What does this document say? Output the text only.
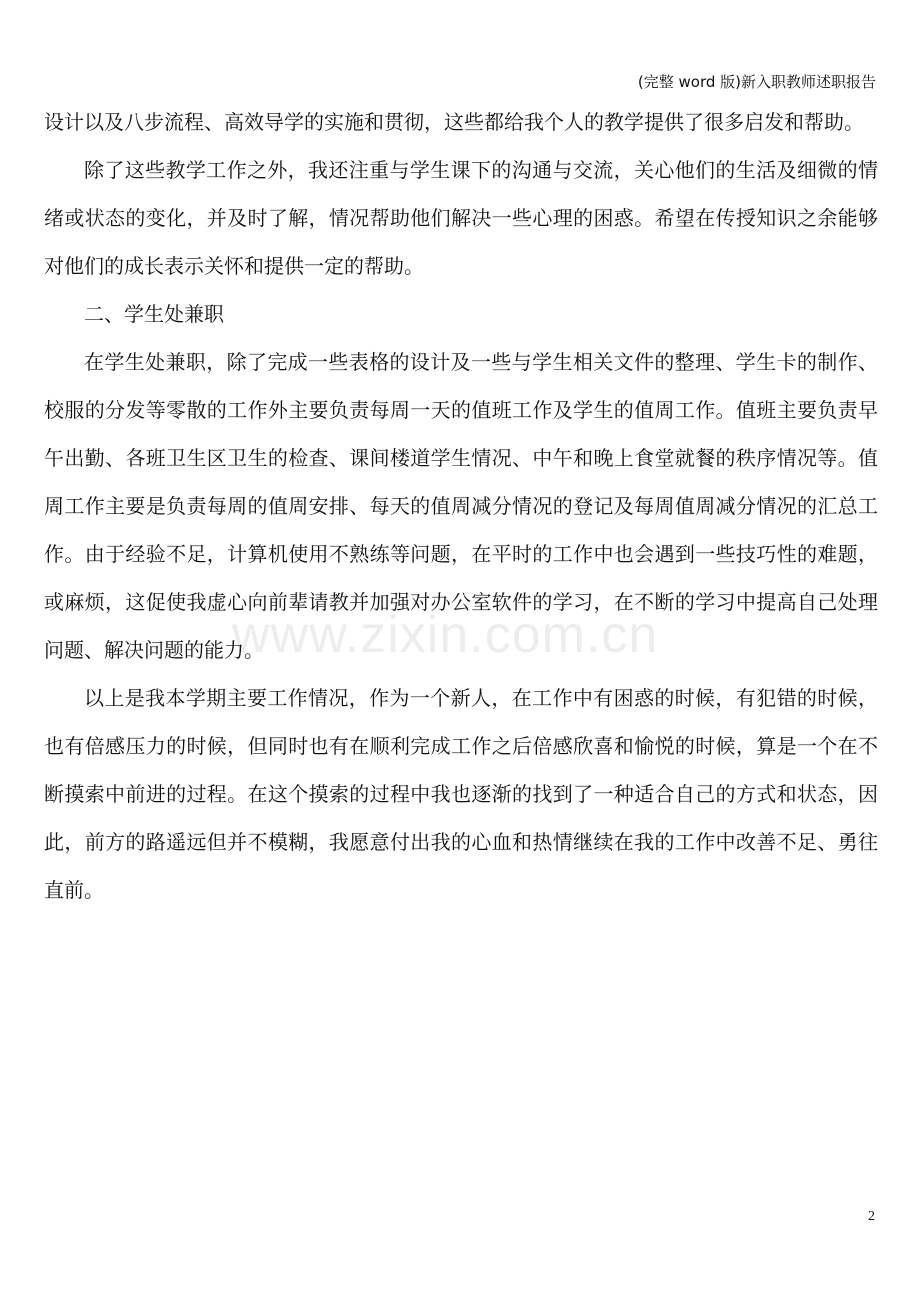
(完整 word 版)新入职教师述职报告
设计以及八步流程、高效导学的实施和贯彻，这些都给我个人的教学提供了很多启发和帮助。
除了这些教学工作之外，我还注重与学生课下的沟通与交流，关心他们的生活及细微的情
绪或状态的变化，并及时了解，情况帮助他们解决一些心理的困惑。希望在传授知识之余能够
对他们的成长表示关怀和提供一定的帮助。
二、学生处兼职
在学生处兼职，除了完成一些表格的设计及一些与学生相关文件的整理、学生卡的制作、
校服的分发等零散的工作外主要负责每周一天的值班工作及学生的值周工作。值班主要负责早
午出勤、各班卫生区卫生的检查、课间楼道学生情况、中午和晚上食堂就餐的秩序情况等。值
周工作主要是负责每周的值周安排、每天的值周减分情况的登记及每周值周减分情况的汇总工
作。由于经验不足，计算机使用不熟练等问题，在平时的工作中也会遇到一些技巧性的难题，
或麻烦，这促使我虚心向前辈请教并加强对办公室软件的学习，在不断的学习中提高自己处理
问题、解决问题的能力。
以上是我本学期主要工作情况，作为一个新人，在工作中有困惑的时候，有犯错的时候，
也有倍感压力的时候，但同时也有在顺利完成工作之后倍感欣喜和愉悦的时候，算是一个在不
断摸索中前进的过程。在这个摸索的过程中我也逐渐的找到了一种适合自己的方式和状态，因
此，前方的路遥远但并不模糊，我愿意付出我的心血和热情继续在我的工作中改善不足、勇往
直前。
www.zixin.com.cn
2
